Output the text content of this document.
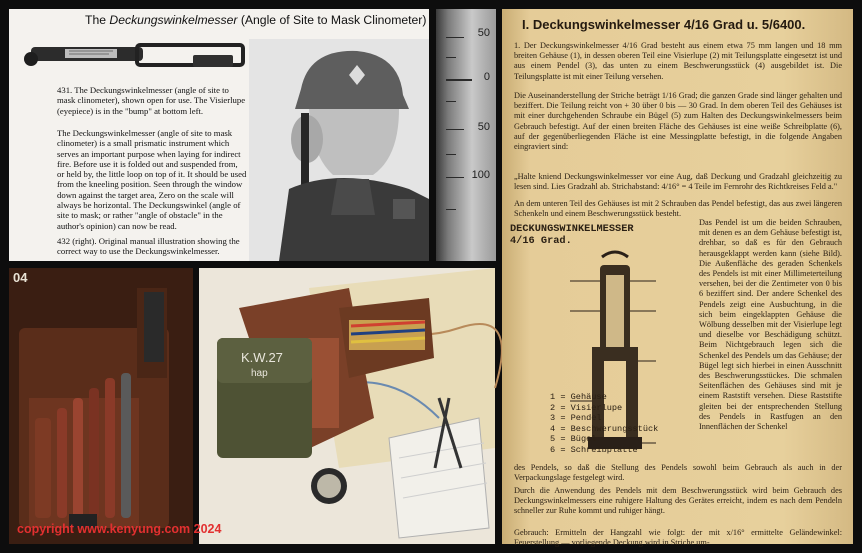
The Deckungswinkelmesser (Angle of Site to Mask Clinometer)

431. The Deckungswinkelmesser (angle of site to mask clinometer), shown open for use. The Visierlupe (eyepiece) is in the "bump" at bottom left.

The Deckungswinkelmesser (angle of site to mask clinometer) is a small prismatic instrument which serves an important purpose when laying for indirect fire. Before use it is folded out and suspended from, or held by, the little loop on top of it. It should be used from the kneeling position. Seen through the window down against the target area, Zero on the scale will always be horizontal. The Deckungswinkel (angle of site to mask; or rather "angle of obstacle" in the author's opinion) can now be read.

432 (right). Original manual illustration showing the correct way to use the Deckungswinkelmesser.

50
0
50
100
04
copyright www.kenyung.com 2024
K.W.27
hap
I. Deckungswinkelmesser 4/16 Grad u. 5/6400.

1. Der Deckungswinkelmesser 4/16 Grad besteht aus einem etwa 75 mm langen und 18 mm breiten Gehäuse (1), in dessen oberen Teil eine Visierlupe (2) mit Teilungsplatte eingesetzt ist und aus einem Pendel (3), das unten zu einem Beschwerungsstück (4) ausgebildet ist. Die Teilungsplatte ist mit einer Teilung versehen.

Die Auseinanderstellung der Striche beträgt 1/16 Grad; die ganzen Grade sind länger gehalten und beziffert. Die Teilung reicht von + 30 über 0 bis — 30 Grad. In dem oberen Teil des Gehäuses ist mit einer durchgehenden Schraube ein Bügel (5) zum Halten des Deckungswinkelmessers beim Gebrauch befestigt. Auf der einen breiten Fläche des Gehäuses ist eine weiße Schreibplatte (6), auf der gegenüberliegenden Fläche ist eine Messingplatte befestigt, in die folgende Angaben eingraviert sind:

„Halte kniend Deckungswinkelmesser vor eine Aug, daß Deckung und Gradzahl gleichzeitig zu lesen sind. Lies Gradzahl ab. Strichabstand: 4/16° = 4 Teile im Fernrohr des Richtkreises Feld a."

An dem unteren Teil des Gehäuses ist mit 2 Schrauben das Pendel befestigt, das aus zwei längeren Schenkeln und einem Beschwerungsstück besteht.

DECKUNGSWINKELMESSER
4/16 Grad.
1 = Gehäuse
2 = Visierlupe
3 = Pendel
4 = Beschwerungsstück
5 = Bügel
6 = Schreibplatte

Das Pendel ist um die beiden Schrauben, mit denen es an dem Gehäuse befestigt ist, drehbar, so daß es für den Gebrauch herausgeklappt werden kann (siehe Bild). Die Außenfläche des geraden Schenkels des Pendels ist mit einer Millimeterteilung versehen, bei der die Zentimeter von 0 bis 6 beziffert sind. Der andere Schenkel des Pendels zeigt eine Ausbuchtung, in die sich beim eingeklappten Gehäuse die Wölbung desselben mit der Visierlupe legt und dieselbe vor Beschädigung schützt. Beim Nichtgebrauch legen sich die Schenkel des Pendels um das Gehäuse; der Bügel legt sich hierbei in einen Ausschnitt des Beschwerungsstückes. Die schmalen Seitenflächen des Gehäuses sind mit je einem Raststift versehen. Diese Raststifte gleiten bei der entsprechenden Stellung des Pendels in Rastfugen an den Innenflächen der Schenkel

des Pendels, so daß die Stellung des Pendels sowohl beim Gebrauch als auch in der Verpackungslage festgelegt wird.

Durch die Anwendung des Pendels mit dem Beschwerungsstück wird beim Gebrauch des Deckungswinkelmessers eine ruhigere Haltung des Gerätes erreicht, indem es nach dem Pendeln schneller zur Ruhe kommt und ruhiger hängt.

Gebrauch: Ermitteln der Hangzahl wie folgt: der mit x/16° ermittelte Geländewinkel: Feuerstellung — vorliegende Deckung wird in Striche um-
